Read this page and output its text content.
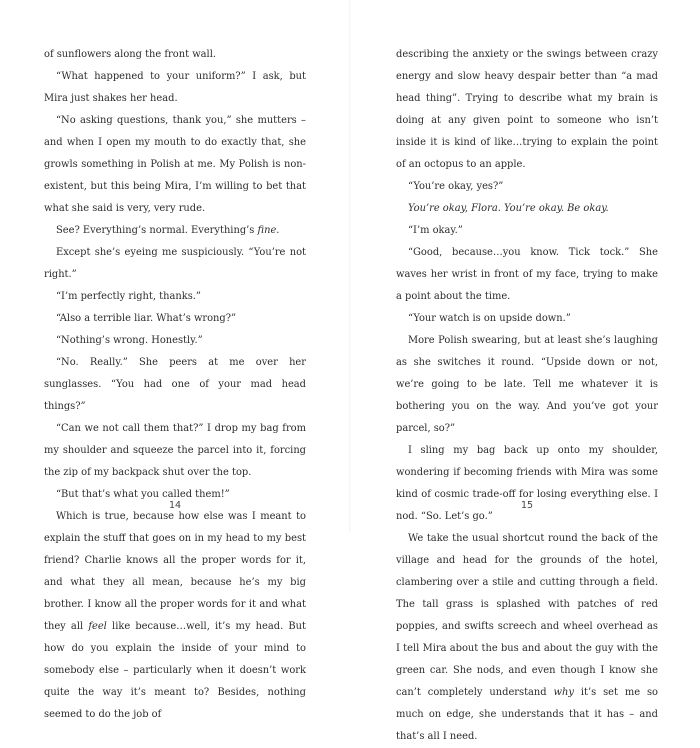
of sunflowers along the front wall.

“What happened to your uniform?” I ask, but Mira just shakes her head.

“No asking questions, thank you,” she mutters – and when I open my mouth to do exactly that, she growls something in Polish at me. My Polish is non-existent, but this being Mira, I’m willing to bet that what she said is very, very rude.

See? Everything’s normal. Everything’s fine.

Except she’s eyeing me suspiciously. “You’re not right.”

“I’m perfectly right, thanks.”

“Also a terrible liar. What’s wrong?”

“Nothing’s wrong. Honestly.”

“No. Really.” She peers at me over her sunglasses. “You had one of your mad head things?”

“Can we not call them that?” I drop my bag from my shoulder and squeeze the parcel into it, forcing the zip of my backpack shut over the top.

“But that’s what you called them!”

Which is true, because how else was I meant to explain the stuff that goes on in my head to my best friend? Charlie knows all the proper words for it, and what they all mean, because he’s my big brother. I know all the proper words for it and what they all feel like because…well, it’s my head. But how do you explain the inside of your mind to somebody else – particularly when it doesn’t work quite the way it’s meant to? Besides, nothing seemed to do the job of

14

describing the anxiety or the swings between crazy energy and slow heavy despair better than “a mad head thing”. Trying to describe what my brain is doing at any given point to someone who isn’t inside it is kind of like…trying to explain the point of an octopus to an apple.

“You’re okay, yes?”

You’re okay, Flora. You’re okay. Be okay.

“I’m okay.”

“Good, because…you know. Tick tock.” She waves her wrist in front of my face, trying to make a point about the time.

“Your watch is on upside down.”

More Polish swearing, but at least she’s laughing as she switches it round. “Upside down or not, we’re going to be late. Tell me whatever it is bothering you on the way. And you’ve got your parcel, so?”

I sling my bag back up onto my shoulder, wondering if becoming friends with Mira was some kind of cosmic trade-off for losing everything else. I nod. “So. Let’s go.”

We take the usual shortcut round the back of the village and head for the grounds of the hotel, clambering over a stile and cutting through a field. The tall grass is splashed with patches of red poppies, and swifts screech and wheel overhead as I tell Mira about the bus and about the guy with the green car. She nods, and even though I know she can’t completely understand why it’s set me so much on edge, she understands that it has – and that’s all I need.

15
